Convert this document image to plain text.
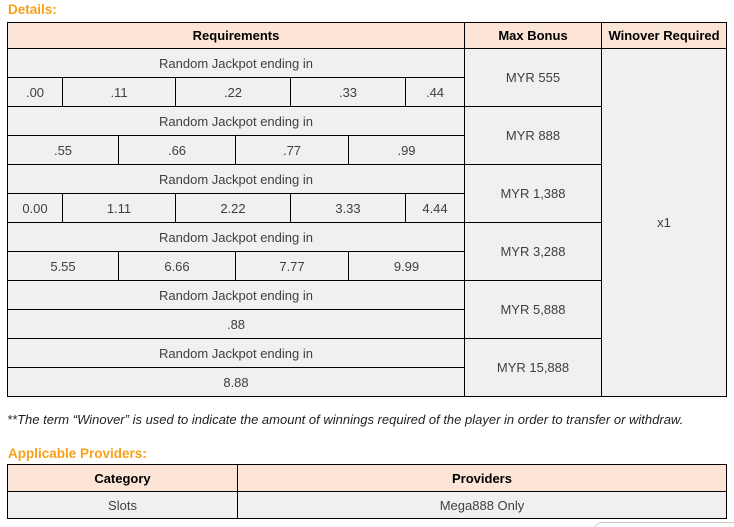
Details:
Requirements	Max Bonus	Winover Required
Random Jackpot ending in
.00	.11	.22	.33	.44
MYR 555
Random Jackpot ending in
.55	.66	.77	.99
MYR 888
Random Jackpot ending in
0.00	1.11	2.22	3.33	4.44
MYR 1,388
Random Jackpot ending in
5.55	6.66	7.77	9.99
MYR 3,288
Random Jackpot ending in
.88
MYR 5,888
Random Jackpot ending in
8.88
MYR 15,888
x1
**The term “Winover” is used to indicate the amount of winnings required of the player in order to transfer or withdraw.
Applicable Providers:
Category	Providers
Slots	Mega888 Only
